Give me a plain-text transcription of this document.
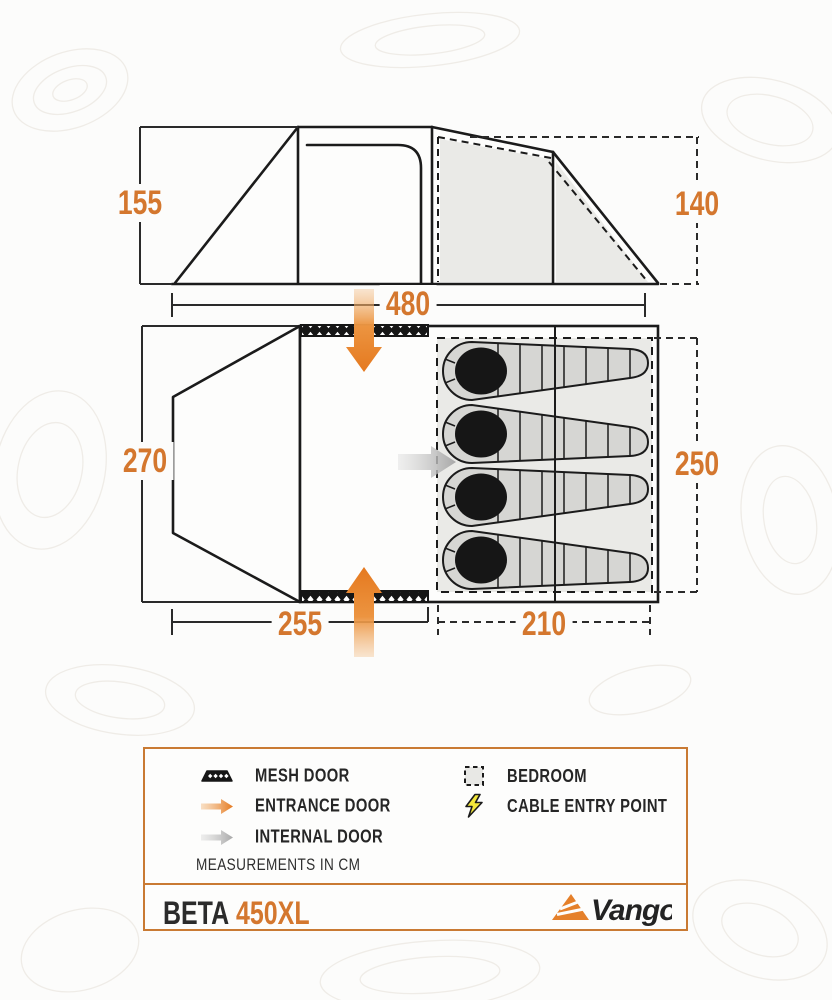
155	140
480
270	250
255	210
MESH DOOR
ENTRANCE DOOR
INTERNAL DOOR
MEASUREMENTS IN CM
BEDROOM
CABLE ENTRY POINT
BETA 450XL	Vango
